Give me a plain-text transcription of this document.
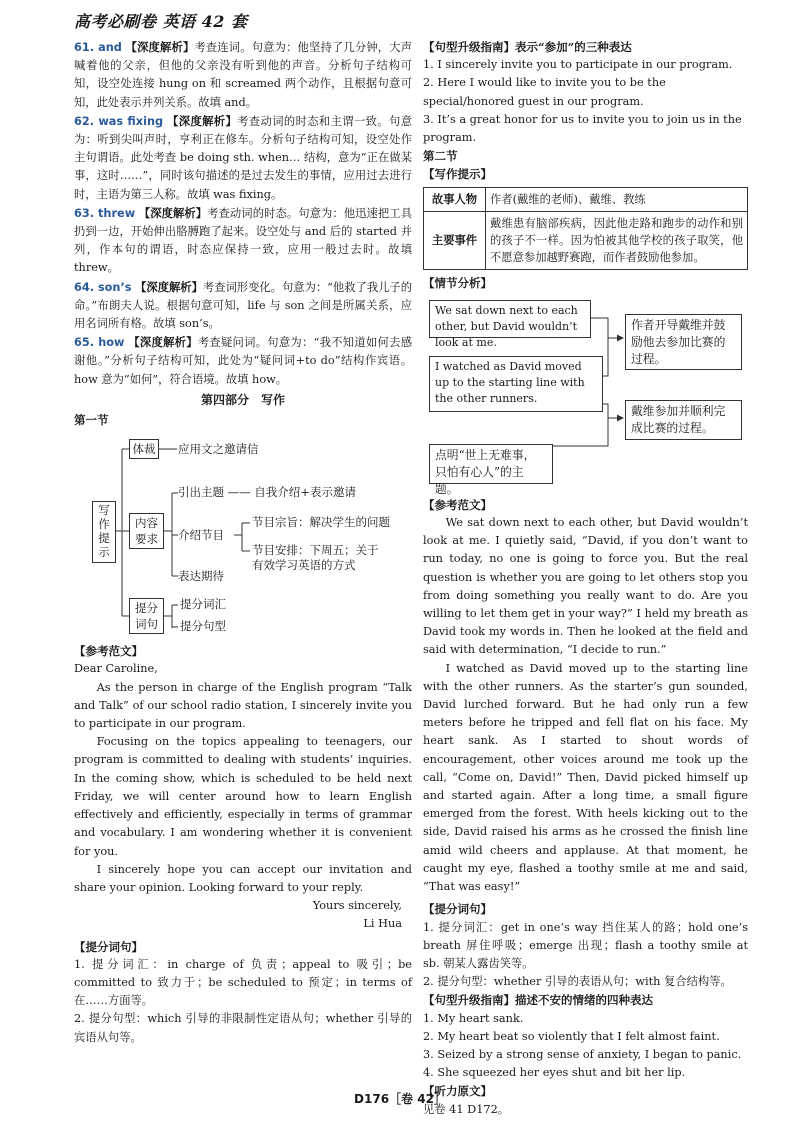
高考必刷卷 英语 42 套

61. and 【深度解析】考查连词。句意为：他坚持了几分钟，大声喊着他的父亲，但他的父亲没有听到他的声音。分析句子结构可知，设空处连接 hung on 和 screamed 两个动作，且根据句意可知，此处表示并列关系。故填 and。

62. was fixing 【深度解析】考查动词的时态和主谓一致。句意为：听到尖叫声时，亨利正在修车。分析句子结构可知，设空处作主句谓语。此处考查 be doing sth. when… 结构，意为“正在做某事，这时……”，同时该句描述的是过去发生的事情，应用过去进行时，主语为第三人称。故填 was fixing。

63. threw 【深度解析】考查动词的时态。句意为：他迅速把工具扔到一边，开始伸出胳膊跑了起来。设空处与 and 后的 started 并列，作本句的谓语，时态应保持一致，应用一般过去时。故填 threw。

64. son’s 【深度解析】考查词形变化。句意为：“他救了我儿子的命。”布朗夫人说。根据句意可知，life 与 son 之间是所属关系，应用名词所有格。故填 son’s。

65. how 【深度解析】考查疑问词。句意为：“我不知道如何去感谢他。”分析句子结构可知，此处为“疑问词+to do”结构作宾语。how 意为“如何”，符合语境。故填 how。

第四部分　写作
第一节
写作提示
体裁	应用文之邀请信
内容要求
引出主题 —— 自我介绍+表示邀请
介绍节目
节目宗旨：解决学生的问题
节目安排：下周五；关于
有效学习英语的方式
表达期待
提分词句
提分词汇
提分句型
【参考范文】

Dear Caroline,

As the person in charge of the English program “Talk and Talk” of our school radio station, I sincerely invite you to participate in our program.

Focusing on the topics appealing to teenagers, our program is committed to dealing with students’ inquiries. In the coming show, which is scheduled to be held next Friday, we will center around how to learn English effectively and efficiently, especially in terms of grammar and vocabulary. I am wondering whether it is convenient for you.

I sincerely hope you can accept our invitation and share your opinion. Looking forward to your reply.

Yours sincerely,

Li Hua

【提分词句】

1. 提分词汇：in charge of 负责；appeal to 吸引；be committed to 致力于；be scheduled to 预定；in terms of 在……方面等。

2. 提分句型：which 引导的非限制性定语从句；whether 引导的宾语从句等。

【句型升级指南】表示“参加”的三种表达

1. I sincerely invite you to participate in our program.

2. Here I would like to invite you to be the special/honored guest in our program.

3. It’s a great honor for us to invite you to join us in the program.

第二节
【写作提示】
故事人物	作者(戴维的老师)、戴维、教练
主要事件	戴维患有脑部疾病，因此他走路和跑步的动作和别的孩子不一样。因为怕被其他学校的孩子取笑，他不愿意参加越野赛跑，而作者鼓励他参加。
【情节分析】
We sat down next to each other, but David wouldn’t look at me.
I watched as David moved up to the starting line with the other runners.
作者开导戴维并鼓励他去参加比赛的过程。
戴维参加并顺利完成比赛的过程。
点明“世上无难事，只怕有心人”的主题。
【参考范文】

We sat down next to each other, but David wouldn’t look at me. I quietly said, “David, if you don’t want to run today, no one is going to force you. But the real question is whether you are going to let others stop you from doing something you really want to do. Are you willing to let them get in your way?” I held my breath as David took my words in. Then he looked at the field and said with determination, “I decide to run.”

I watched as David moved up to the starting line with the other runners. As the starter’s gun sounded, David lurched forward. But he had only run a few meters before he tripped and fell flat on his face. My heart sank. As I started to shout words of encouragement, other voices around me took up the call, “Come on, David!” Then, David picked himself up and started again. After a long time, a small figure emerged from the forest. With heels kicking out to the side, David raised his arms as he crossed the finish line amid wild cheers and applause. At that moment, he caught my eye, flashed a toothy smile at me and said, “That was easy!”

【提分词句】

1. 提分词汇：get in one’s way 挡住某人的路；hold one’s breath 屏住呼吸；emerge 出现；flash a toothy smile at sb. 朝某人露齿笑等。

2. 提分句型：whether 引导的表语从句；with 复合结构等。

【句型升级指南】描述不安的情绪的四种表达

1. My heart sank.

2. My heart beat so violently that I felt almost faint.

3. Seized by a strong sense of anxiety, I began to panic.

4. She squeezed her eyes shut and bit her lip.

【听力原文】

见卷 41 D172。

D176［卷 42］
